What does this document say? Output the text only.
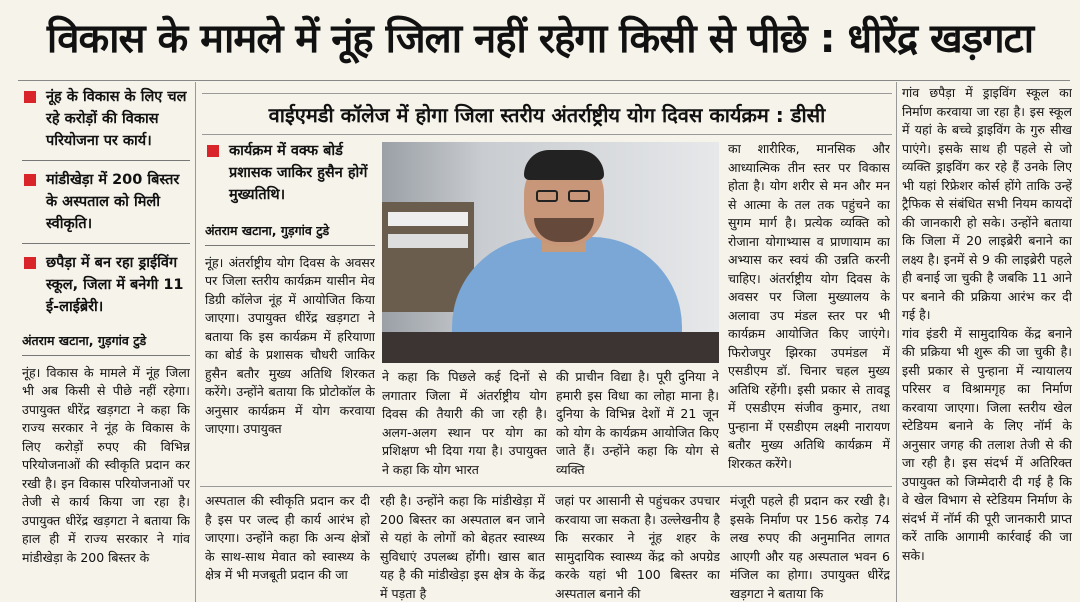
विकास के मामले में नूंह जिला नहीं रहेगा किसी से पीछे : धीरेंद्र खड़गटा
नूंह के विकास के लिए चल रहे करोड़ों की विकास परियोजना पर कार्य।
मांडीखेड़ा में 200 बिस्तर के अस्पताल को मिली स्वीकृति।
छपैड़ा में बन रहा ड्राईविंग स्कूल, जिला में बनेगी 11 ई-लाईब्रेरी।
अंतराम खटाना, गुड़गांव टुडे

नूंह। विकास के मामले में नूंह जिला भी अब किसी से पीछे नहीं रहेगा। उपायुक्त धीरेंद्र खड़गटा ने कहा कि राज्य सरकार ने नूंह के विकास के लिए करोड़ों रुपए की विभिन्न परियोजनाओं की स्वीकृति प्रदान कर रखी है। इन विकास परियोजनाओं पर तेजी से कार्य किया जा रहा है। उपायुक्त धीरेंद्र खड़गटा ने बताया कि हाल ही में राज्य सरकार ने गांव मांडीखेड़ा के 200 बिस्तर के

वाईएमडी कॉलेज में होगा जिला स्तरीय अंतर्राष्ट्रीय योग दिवस कार्यक्रम : डीसी
कार्यक्रम में वक्फ बोर्ड प्रशासक जाकिर हुसैन होगें मुख्यतिथि।
अंतराम खटाना, गुड़गांव टुडे

नूंह। अंतर्राष्ट्रीय योग दिवस के अवसर पर जिला स्तरीय कार्यक्रम यासीन मेव डिग्री कॉलेज नूंह में आयोजित किया जाएगा। उपायुक्त धीरेंद्र खड़गटा ने बताया कि इस कार्यक्रम में हरियाणा का बोर्ड के प्रशासक चौधरी जाकिर हुसैन बतौर मुख्य अतिथि शिरकत करेंगे। उन्होंने बताया कि प्रोटोकॉल के अनुसार कार्यक्रम में योग करवाया जाएगा। उपायुक्त

ने कहा कि पिछले कई दिनों से लगातार जिला में अंतर्राष्ट्रीय योग दिवस की तैयारी की जा रही है। अलग-अलग स्थान पर योग का प्रशिक्षण भी दिया गया है। उपायुक्त ने कहा कि योग भारत

की प्राचीन विद्या है। पूरी दुनिया ने हमारी इस विधा का लोहा माना है। दुनिया के विभिन्न देशों में 21 जून को योग के कार्यक्रम आयोजित किए जाते हैं। उन्होंने कहा कि योग से व्यक्ति

का शारीरिक, मानसिक और आध्यात्मिक तीन स्तर पर विकास होता है। योग शरीर से मन और मन से आत्मा के तल तक पहुंचने का सुगम मार्ग है। प्रत्येक व्यक्ति को रोजाना योगाभ्यास व प्राणायाम का अभ्यास कर स्वयं की उन्नति करनी चाहिए। अंतर्राष्ट्रीय योग दिवस के अवसर पर जिला मुख्यालय के अलावा उप मंडल स्तर पर भी कार्यक्रम आयोजित किए जाएंगे। फिरोजपुर झिरका उपमंडल में एसडीएम डॉ. चिनार चहल मुख्य अतिथि रहेंगी। इसी प्रकार से तावडू में एसडीएम संजीव कुमार, तथा पुन्हाना में एसडीएम लक्ष्मी नारायण बतौर मुख्य अतिथि कार्यक्रम में शिरकत करेंगे।

गांव छपैड़ा में ड्राइविंग स्कूल का निर्माण करवाया जा रहा है। इस स्कूल में यहां के बच्चे ड्राइविंग के गुरु सीख पाएंगे। इसके साथ ही पहले से जो व्यक्ति ड्राइविंग कर रहे हैं उनके लिए भी यहां रिफ्रेशर कोर्स होंगे ताकि उन्हें ट्रैफिक से संबंधित सभी नियम कायदों की जानकारी हो सके। उन्होंने बताया कि जिला में 20 लाइब्रेरी बनाने का लक्ष्य है। इनमें से 9 की लाइब्रेरी पहले ही बनाई जा चुकी है जबकि 11 आने पर बनाने की प्रक्रिया आरंभ कर दी गई है।

गांव इंडरी में सामुदायिक केंद्र बनाने की प्रक्रिया भी शुरू की जा चुकी है। इसी प्रकार से पुन्हाना में न्यायालय परिसर व विश्रामगृह का निर्माण करवाया जाएगा। जिला स्तरीय खेल स्टेडियम बनाने के लिए नॉर्म के अनुसार जगह की तलाश तेजी से की जा रही है। इस संदर्भ में अतिरिक्त उपायुक्त को जिम्मेदारी दी गई है कि वे खेल विभाग से स्टेडियम निर्माण के संदर्भ में नॉर्म की पूरी जानकारी प्राप्त करें ताकि आगामी कार्रवाई की जा सके।

अस्पताल की स्वीकृति प्रदान कर दी है इस पर जल्द ही कार्य आरंभ हो जाएगा। उन्होंने कहा कि अन्य क्षेत्रों के साथ-साथ मेवात को स्वास्थ्य के क्षेत्र में भी मजबूती प्रदान की जा

रही है। उन्होंने कहा कि मांडीखेड़ा में 200 बिस्तर का अस्पताल बन जाने से यहां के लोगों को बेहतर स्वास्थ्य सुविधाएं उपलब्ध होंगी। खास बात यह है की मांडीखेड़ा इस क्षेत्र के केंद्र में पड़ता है

जहां पर आसानी से पहुंचकर उपचार करवाया जा सकता है। उल्लेखनीय है कि सरकार ने नूंह शहर के सामुदायिक स्वास्थ्य केंद्र को अपग्रेड करके यहां भी 100 बिस्तर का अस्पताल बनाने की

मंजूरी पहले ही प्रदान कर रखी है। इसके निर्माण पर 156 करोड़ 74 लख रुपए की अनुमानित लागत आएगी और यह अस्पताल भवन 6 मंजिल का होगा। उपायुक्त धीरेंद्र खड़गटा ने बताया कि
